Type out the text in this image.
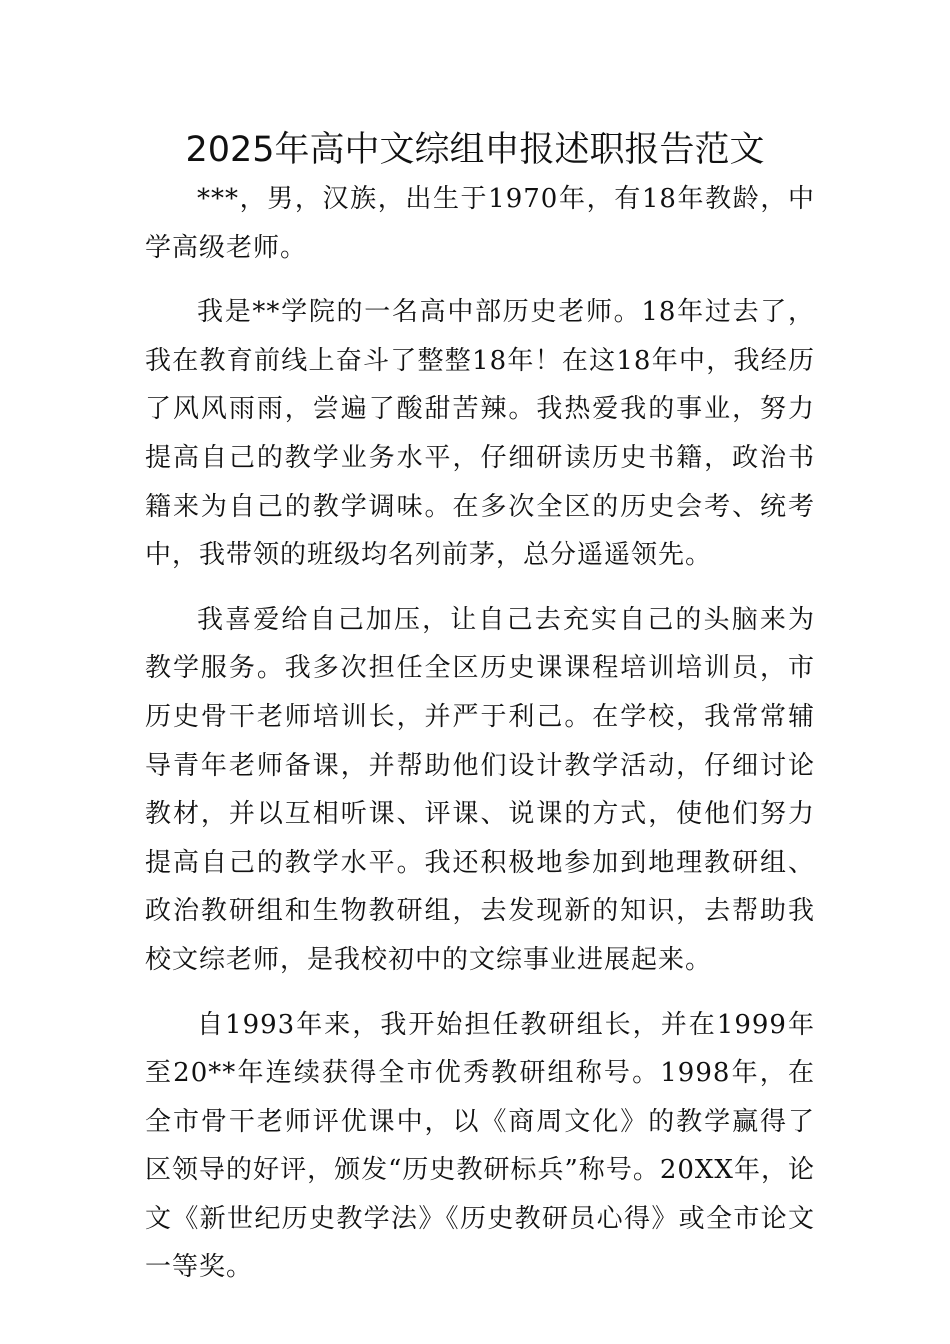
2025年高中文综组申报述职报告范文

***，男，汉族，出生于1970年，有18年教龄，中学高级老师。

我是**学院的一名高中部历史老师。18年过去了，我在教育前线上奋斗了整整18年！在这18年中，我经历了风风雨雨，尝遍了酸甜苦辣。我热爱我的事业，努力提高自己的教学业务水平，仔细研读历史书籍，政治书籍来为自己的教学调味。在多次全区的历史会考、统考中，我带领的班级均名列前茅，总分遥遥领先。

我喜爱给自己加压，让自己去充实自己的头脑来为教学服务。我多次担任全区历史课课程培训培训员，市历史骨干老师培训长，并严于利己。在学校，我常常辅导青年老师备课，并帮助他们设计教学活动，仔细讨论教材，并以互相听课、评课、说课的方式，使他们努力提高自己的教学水平。我还积极地参加到地理教研组、政治教研组和生物教研组，去发现新的知识，去帮助我校文综老师，是我校初中的文综事业进展起来。

自1993年来，我开始担任教研组长，并在1999年至20**年连续获得全市优秀教研组称号。1998年，在全市骨干老师评优课中，以《商周文化》的教学赢得了区领导的好评，颁发“历史教研标兵”称号。20XX年，论文《新世纪历史教学法》《历史教研员心得》或全市论文一等奖。
